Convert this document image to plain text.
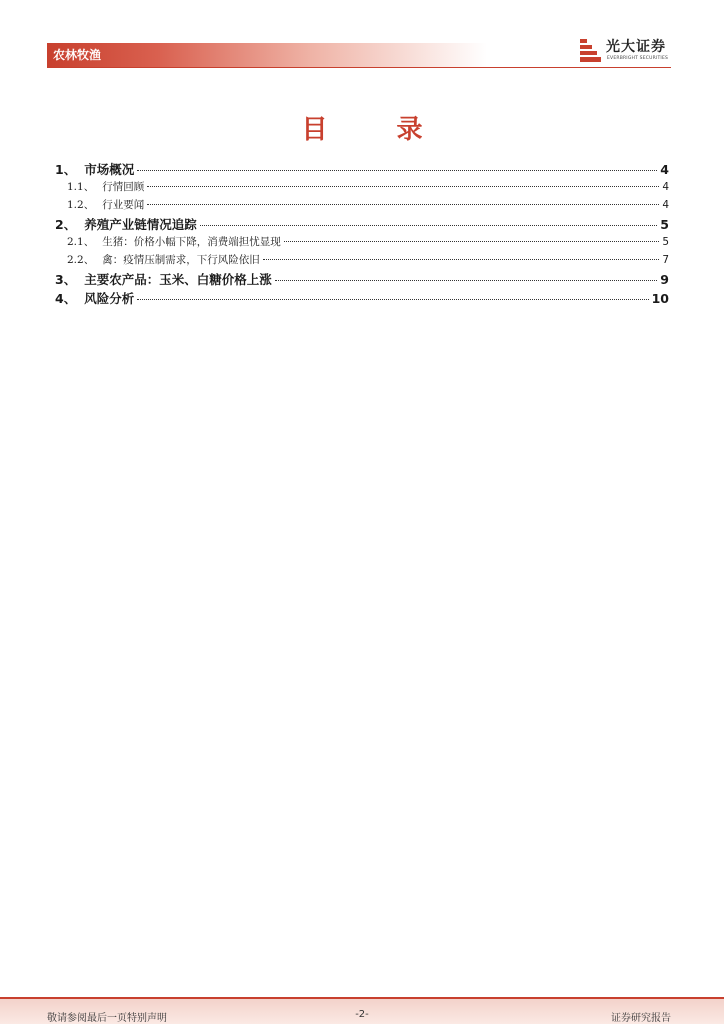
农林牧渔	光大证券
EVERBRIGHT SECURITIES
目 录
1、 市场概况	4
1.1、 行情回顾	4
1.2、 行业要闻	4
2、 养殖产业链情况追踪	5
2.1、 生猪：价格小幅下降，消费端担忧显现	5
2.2、 禽：疫情压制需求，下行风险依旧	7
3、 主要农产品：玉米、白糖价格上涨	9
4、 风险分析	10
敬请参阅最后一页特别声明	-2-	证券研究报告
